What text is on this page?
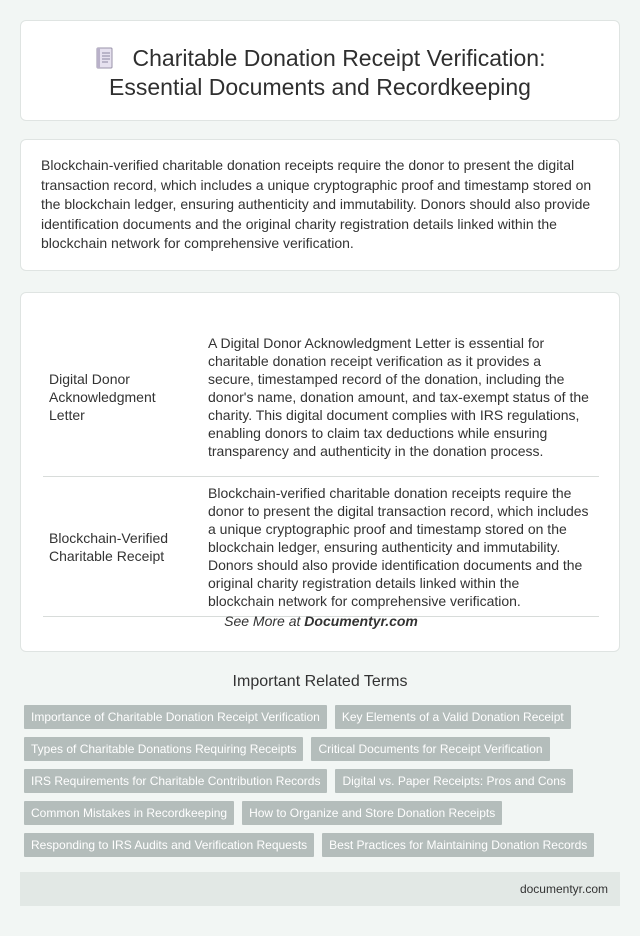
Charitable Donation Receipt Verification:
Essential Documents and Recordkeeping

Blockchain-verified charitable donation receipts require the donor to present the digital transaction record, which includes a unique cryptographic proof and timestamp stored on the blockchain ledger, ensuring authenticity and immutability. Donors should also provide identification documents and the original charity registration details linked within the blockchain network for comprehensive verification.

Digital Donor Acknowledgment Letter
A Digital Donor Acknowledgment Letter is essential for charitable donation receipt verification as it provides a secure, timestamped record of the donation, including the donor's name, donation amount, and tax-exempt status of the charity. This digital document complies with IRS regulations, enabling donors to claim tax deductions while ensuring transparency and authenticity in the donation process.
Blockchain-Verified Charitable Receipt
Blockchain-verified charitable donation receipts require the donor to present the digital transaction record, which includes a unique cryptographic proof and timestamp stored on the blockchain ledger, ensuring authenticity and immutability. Donors should also provide identification documents and the original charity registration details linked within the blockchain network for comprehensive verification.
See More at Documentyr.com
Important Related Terms
Importance of Charitable Donation Receipt Verification	Key Elements of a Valid Donation Receipt
Types of Charitable Donations Requiring Receipts	Critical Documents for Receipt Verification
IRS Requirements for Charitable Contribution Records	Digital vs. Paper Receipts: Pros and Cons
Common Mistakes in Recordkeeping	How to Organize and Store Donation Receipts
Responding to IRS Audits and Verification Requests	Best Practices for Maintaining Donation Records
documentyr.com
